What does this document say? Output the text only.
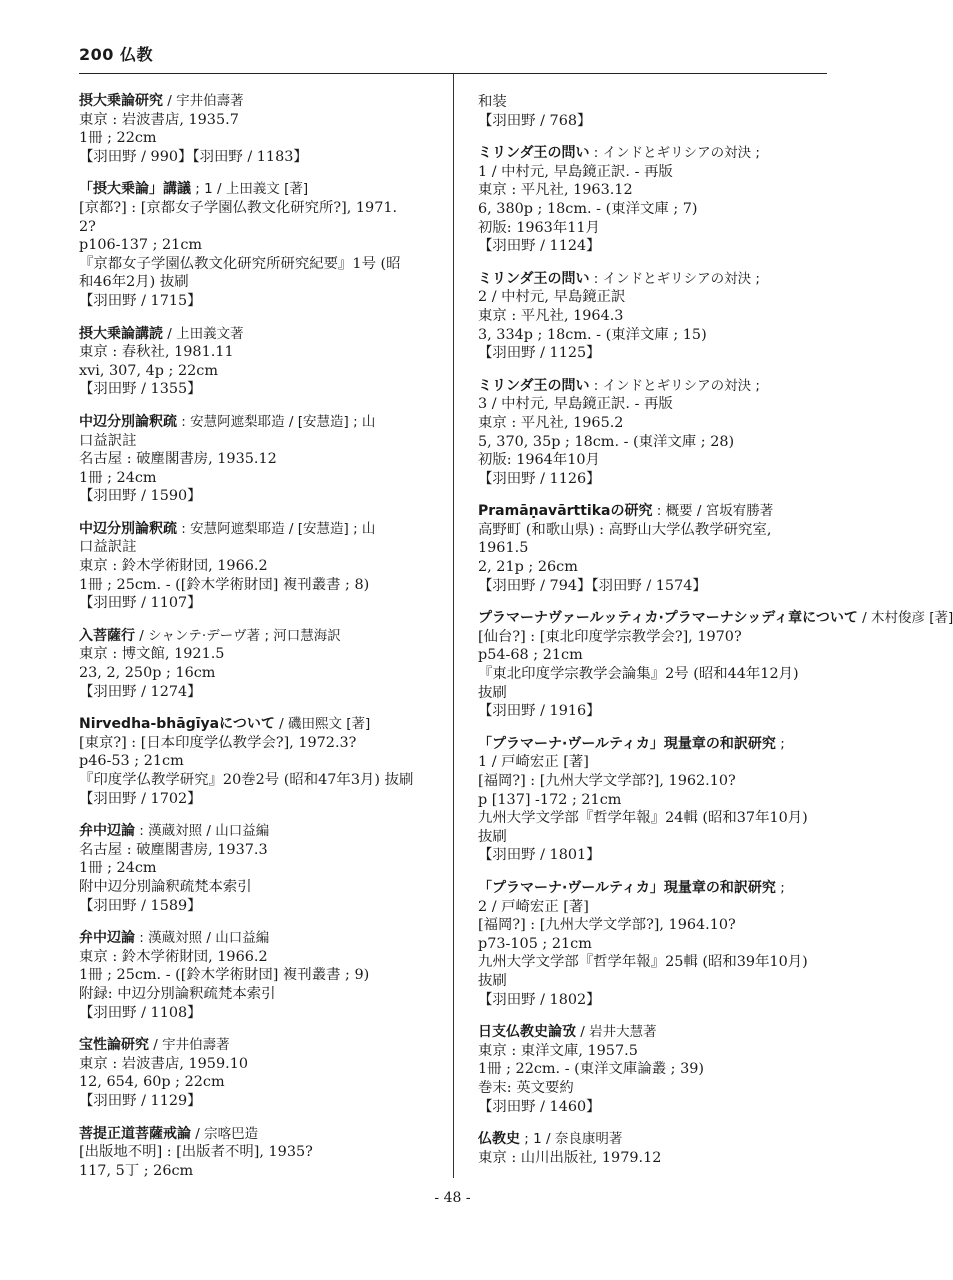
200 仏教
摂大乗論研究 / 宇井伯壽著
東京 : 岩波書店, 1935.7
1冊 ; 22cm
【羽田野 / 990】【羽田野 / 1183】
「摂大乗論」講議 ; 1 / 上田義文 [著]
[京都?] : [京都女子学園仏教文化研究所?], 1971.
2?
p106-137 ; 21cm
『京都女子学園仏教文化研究所研究紀要』1号 (昭
和46年2月) 抜刷
【羽田野 / 1715】
摂大乗論講読 / 上田義文著
東京 : 春秋社, 1981.11
xvi, 307, 4p ; 22cm
【羽田野 / 1355】
中辺分別論釈疏 : 安慧阿遮梨耶造 / [安慧造] ; 山
口益訳註
名古屋 : 破塵閣書房, 1935.12
1冊 ; 24cm
【羽田野 / 1590】
中辺分別論釈疏 : 安慧阿遮梨耶造 / [安慧造] ; 山
口益訳註
東京 : 鈴木学術財団, 1966.2
1冊 ; 25cm. - ([鈴木学術財団] 複刊叢書 ; 8)
【羽田野 / 1107】
入菩薩行 / シャンテ·デーヴ著 ; 河口慧海訳
東京 : 博文館, 1921.5
23, 2, 250p ; 16cm
【羽田野 / 1274】
Nirvedha-bhāgīyaについて / 磯田熙文 [著]
[東京?] : [日本印度学仏教学会?], 1972.3?
p46-53 ; 21cm
『印度学仏教学研究』20巻2号 (昭和47年3月) 抜刷
【羽田野 / 1702】
弁中辺論 : 漢蔵対照 / 山口益編
名古屋 : 破塵閣書房, 1937.3
1冊 ; 24cm
附中辺分別論釈疏梵本索引
【羽田野 / 1589】
弁中辺論 : 漢蔵対照 / 山口益編
東京 : 鈴木学術財団, 1966.2
1冊 ; 25cm. - ([鈴木学術財団] 複刊叢書 ; 9)
附録: 中辺分別論釈疏梵本索引
【羽田野 / 1108】
宝性論研究 / 宇井伯壽著
東京 : 岩波書店, 1959.10
12, 654, 60p ; 22cm
【羽田野 / 1129】
菩提正道菩薩戒論 / 宗喀巴造
[出版地不明] : [出版者不明], 1935?
117, 5丁 ; 26cm
和装
【羽田野 / 768】
ミリンダ王の問い : インドとギリシアの対決 ;
1 / 中村元, 早島鏡正訳. - 再版
東京 : 平凡社, 1963.12
6, 380p ; 18cm. - (東洋文庫 ; 7)
初版: 1963年11月
【羽田野 / 1124】
ミリンダ王の問い : インドとギリシアの対決 ;
2 / 中村元, 早島鏡正訳
東京 : 平凡社, 1964.3
3, 334p ; 18cm. - (東洋文庫 ; 15)
【羽田野 / 1125】
ミリンダ王の問い : インドとギリシアの対決 ;
3 / 中村元, 早島鏡正訳. - 再版
東京 : 平凡社, 1965.2
5, 370, 35p ; 18cm. - (東洋文庫 ; 28)
初版: 1964年10月
【羽田野 / 1126】
Pramāṇavārttikaの研究 : 概要 / 宮坂宥勝著
高野町 (和歌山県) : 高野山大学仏教学研究室,
1961.5
2, 21p ; 26cm
【羽田野 / 794】【羽田野 / 1574】
プラマーナヴァールッティカ·プラマーナシッディ章について / 木村俊彦 [著]
[仙台?] : [東北印度学宗教学会?], 1970?
p54-68 ; 21cm
『東北印度学宗教学会論集』2号 (昭和44年12月)
抜刷
【羽田野 / 1916】
「プラマーナ·ヴールティカ」現量章の和訳研究 ;
1 / 戸崎宏正 [著]
[福岡?] : [九州大学文学部?], 1962.10?
p [137] -172 ; 21cm
九州大学文学部『哲学年報』24輯 (昭和37年10月)
抜刷
【羽田野 / 1801】
「プラマーナ·ヴールティカ」現量章の和訳研究 ;
2 / 戸崎宏正 [著]
[福岡?] : [九州大学文学部?], 1964.10?
p73-105 ; 21cm
九州大学文学部『哲学年報』25輯 (昭和39年10月)
抜刷
【羽田野 / 1802】
日支仏教史論攷 / 岩井大慧著
東京 : 東洋文庫, 1957.5
1冊 ; 22cm. - (東洋文庫論叢 ; 39)
巻末: 英文要約
【羽田野 / 1460】
仏教史 ; 1 / 奈良康明著
東京 : 山川出版社, 1979.12
- 48 -
